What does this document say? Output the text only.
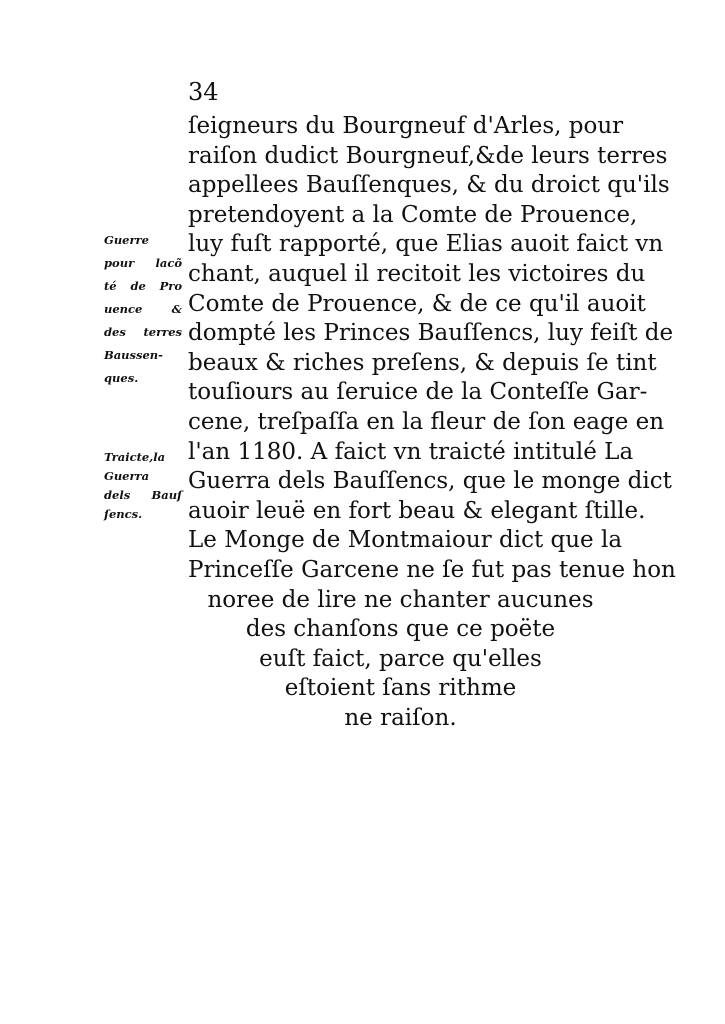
34
Guerre
pour lacõ
té de Pro
uence &
des terres
Baussen-
ques.
Traicte,la
Guerra
dels Bauſ
ſencs.
ſeigneurs du Bourgneuf d'Arles, pour
raiſon dudict Bourgneuf,&de leurs terres
appellees Bauſſenques, & du droict qu'ils
pretendoyent a la Comte de Prouence,
luy fuſt rapporté, que Elias auoit faict vn
chant, auquel il recitoit les victoires du
Comte de Prouence, & de ce qu'il auoit
dompté les Princes Bauſſencs, luy feiſt de
beaux & riches preſens, & depuis ſe tint
touſiours au ſeruice de la Conteſſe Gar-
cene, treſpaſſa en la fleur de ſon eage en
l'an 1180. A faict vn traicté intitulé La
Guerra dels Bauſſencs, que le monge dict
auoir leuë en fort beau & elegant ſtille.
Le Monge de Montmaiour dict que la
Princeſſe Garcene ne ſe fut pas tenue hon
noree de lire ne chanter aucunes
des chanſons que ce poëte
euſt faict, parce qu'elles
eſtoient ſans rithme
ne raiſon.
